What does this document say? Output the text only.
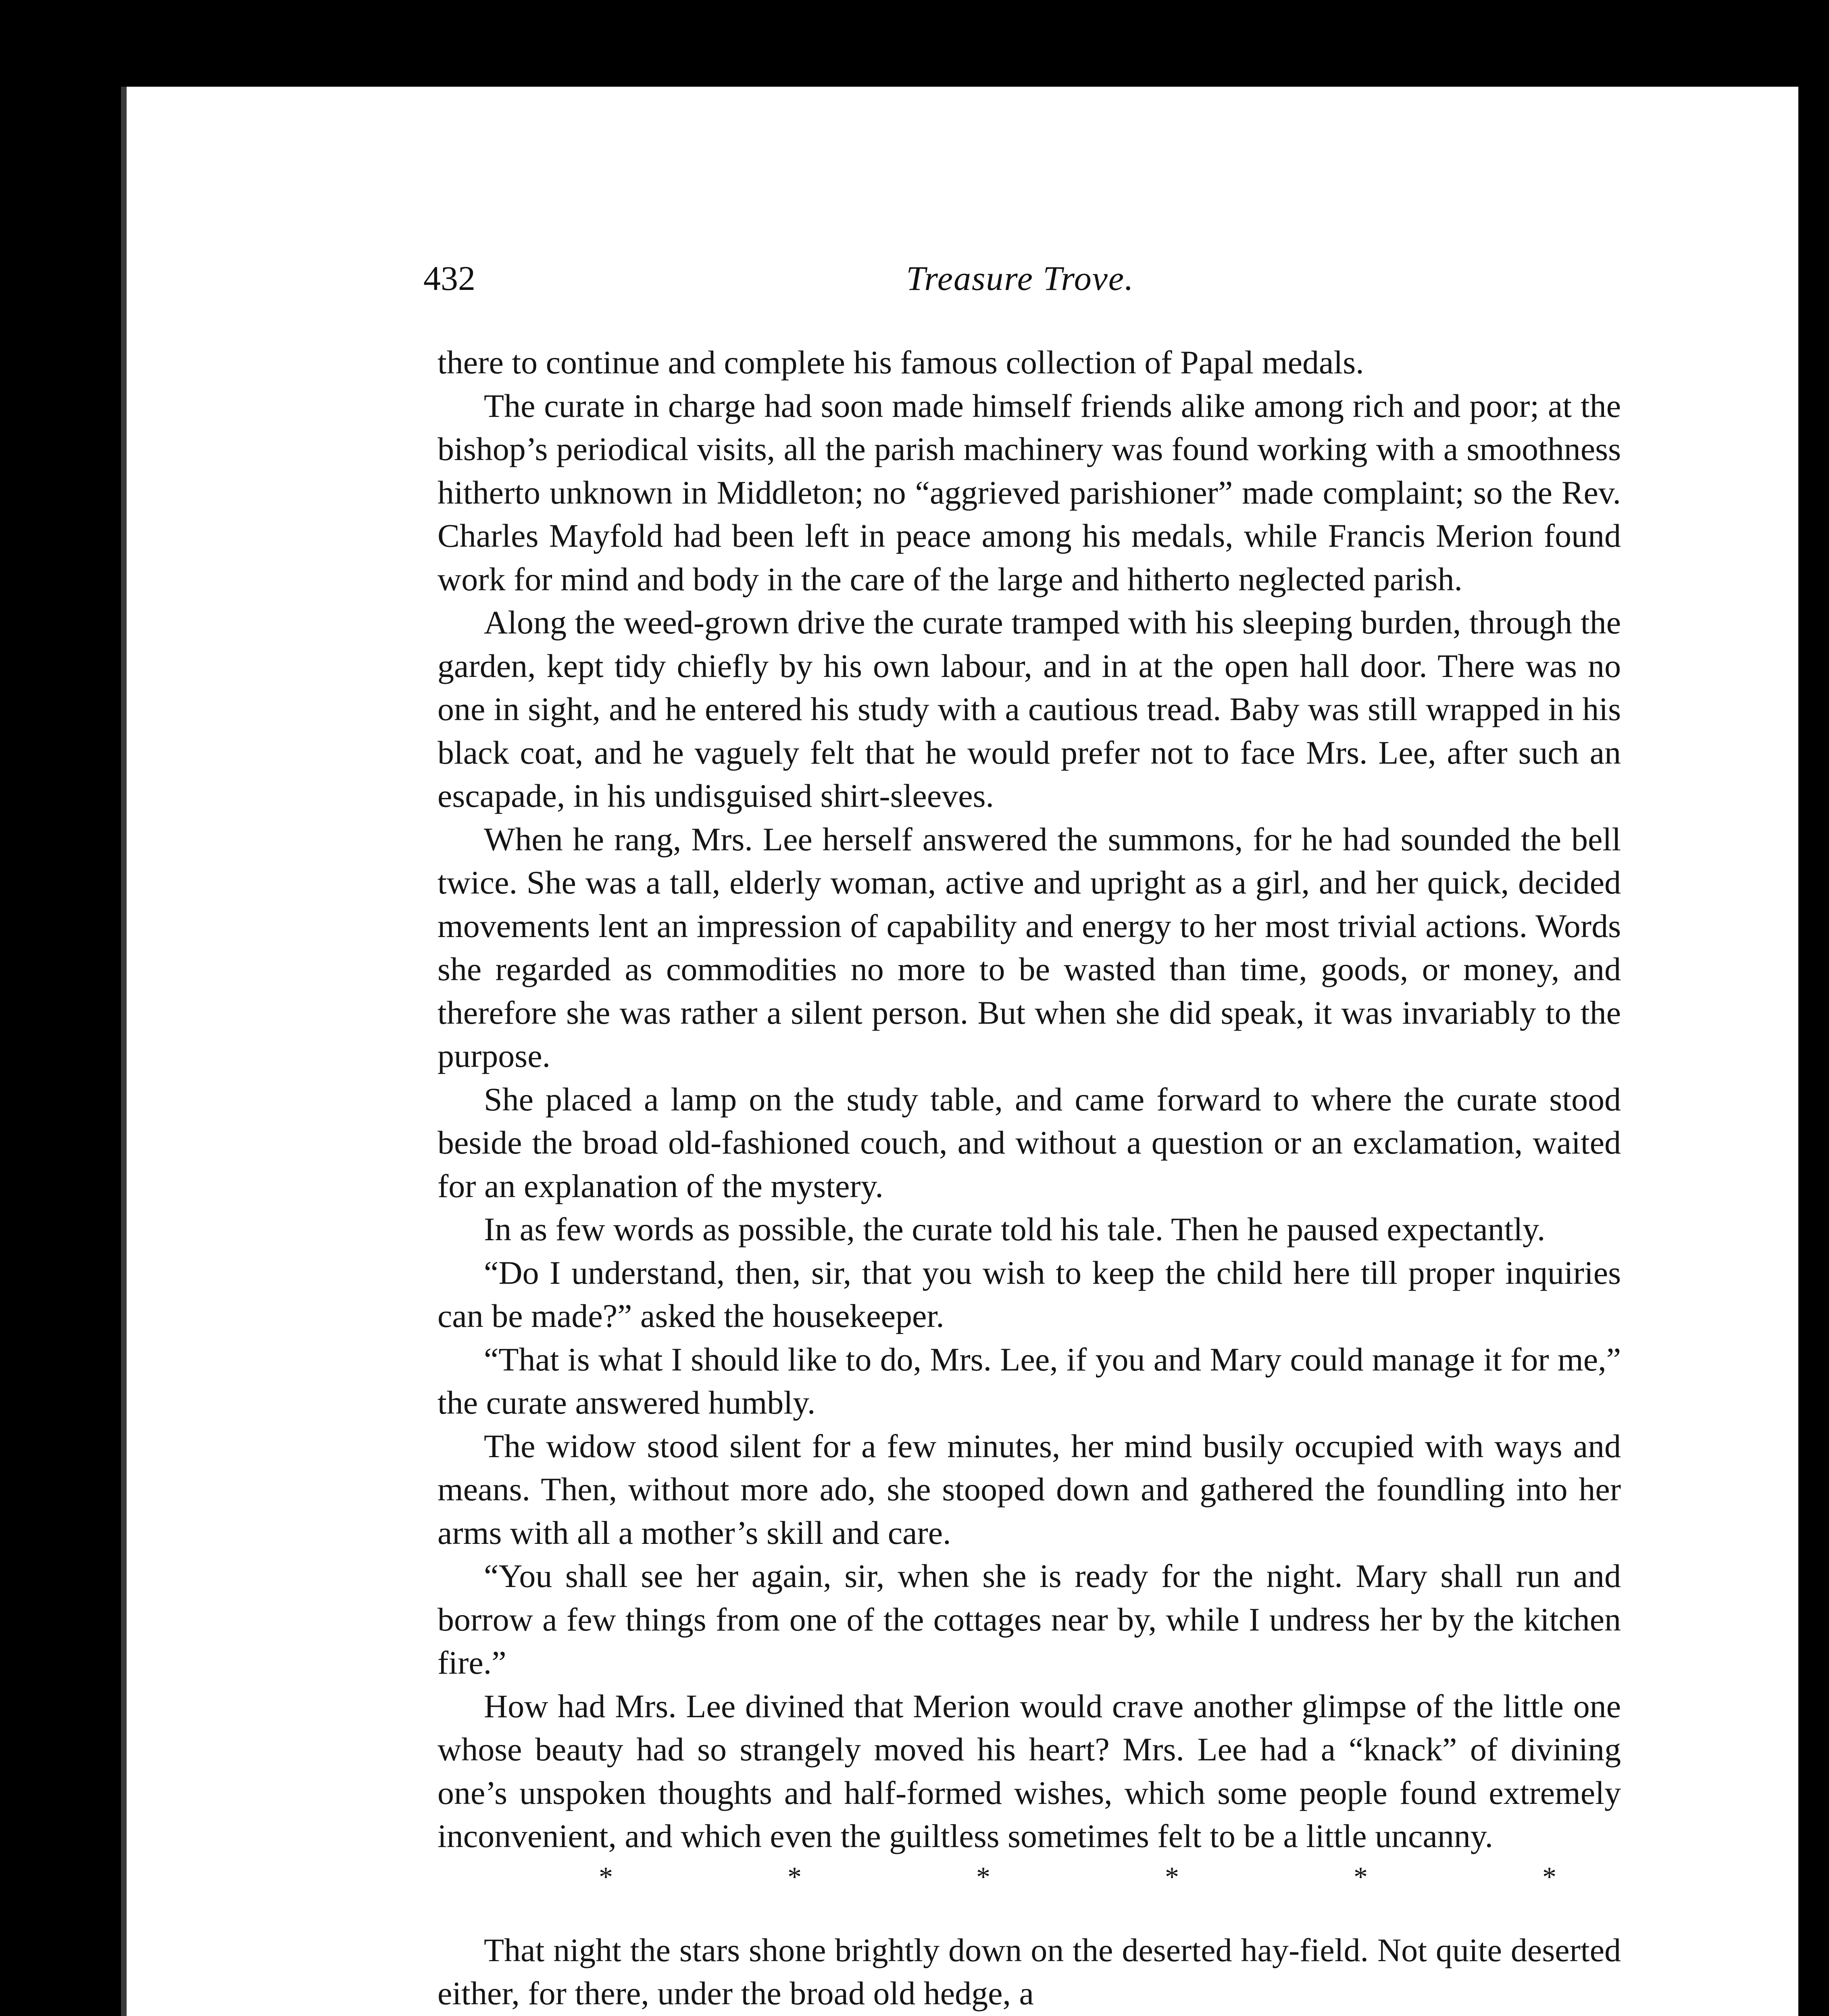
432	Treasure Trove.

there to continue and complete his famous collection of Papal medals.

The curate in charge had soon made himself friends alike among rich and poor; at the bishop’s periodical visits, all the parish machinery was found working with a smoothness hitherto unknown in Middleton; no “aggrieved parishioner” made complaint; so the Rev. Charles Mayfold had been left in peace among his medals, while Francis Merion found work for mind and body in the care of the large and hitherto neglected parish.

Along the weed-grown drive the curate tramped with his sleeping burden, through the garden, kept tidy chiefly by his own labour, and in at the open hall door. There was no one in sight, and he entered his study with a cautious tread. Baby was still wrapped in his black coat, and he vaguely felt that he would prefer not to face Mrs. Lee, after such an escapade, in his undisguised shirt-sleeves.

When he rang, Mrs. Lee herself answered the summons, for he had sounded the bell twice. She was a tall, elderly woman, active and upright as a girl, and her quick, decided movements lent an impression of capability and energy to her most trivial actions. Words she regarded as commodities no more to be wasted than time, goods, or money, and therefore she was rather a silent person. But when she did speak, it was invariably to the purpose.

She placed a lamp on the study table, and came forward to where the curate stood beside the broad old-fashioned couch, and without a question or an exclamation, waited for an explanation of the mystery.

In as few words as possible, the curate told his tale. Then he paused expectantly.

“Do I understand, then, sir, that you wish to keep the child here till proper inquiries can be made?” asked the housekeeper.

“That is what I should like to do, Mrs. Lee, if you and Mary could manage it for me,” the curate answered humbly.

The widow stood silent for a few minutes, her mind busily occupied with ways and means. Then, without more ado, she stooped down and gathered the foundling into her arms with all a mother’s skill and care.

“You shall see her again, sir, when she is ready for the night. Mary shall run and borrow a few things from one of the cottages near by, while I undress her by the kitchen fire.”

How had Mrs. Lee divined that Merion would crave another glimpse of the little one whose beauty had so strangely moved his heart? Mrs. Lee had a “knack” of divining one’s unspoken thoughts and half-formed wishes, which some people found extremely inconvenient, and which even the guiltless sometimes felt to be a little uncanny.

*	*	*	*	*	*

That night the stars shone brightly down on the deserted hay-field. Not quite deserted either, for there, under the broad old hedge, a
